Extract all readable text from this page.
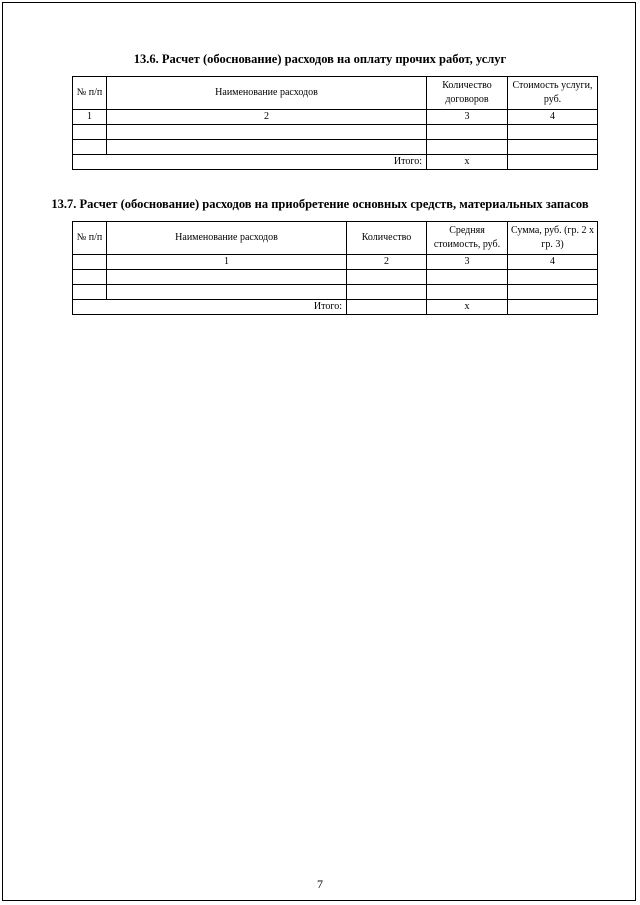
13.6. Расчет (обоснование) расходов на оплату прочих работ, услуг
№ п/п	Наименование расходов	Количество договоров	Стоимость услуги, руб.
1	2	3	4

Итого:		x	
13.7. Расчет (обоснование) расходов на приобретение основных средств, материальных запасов
№ п/п	Наименование расходов	Количество	Средняя стоимость, руб.	Сумма, руб. (гр. 2 х гр. 3)
	1	2	3	4

Итого:			x	
7
